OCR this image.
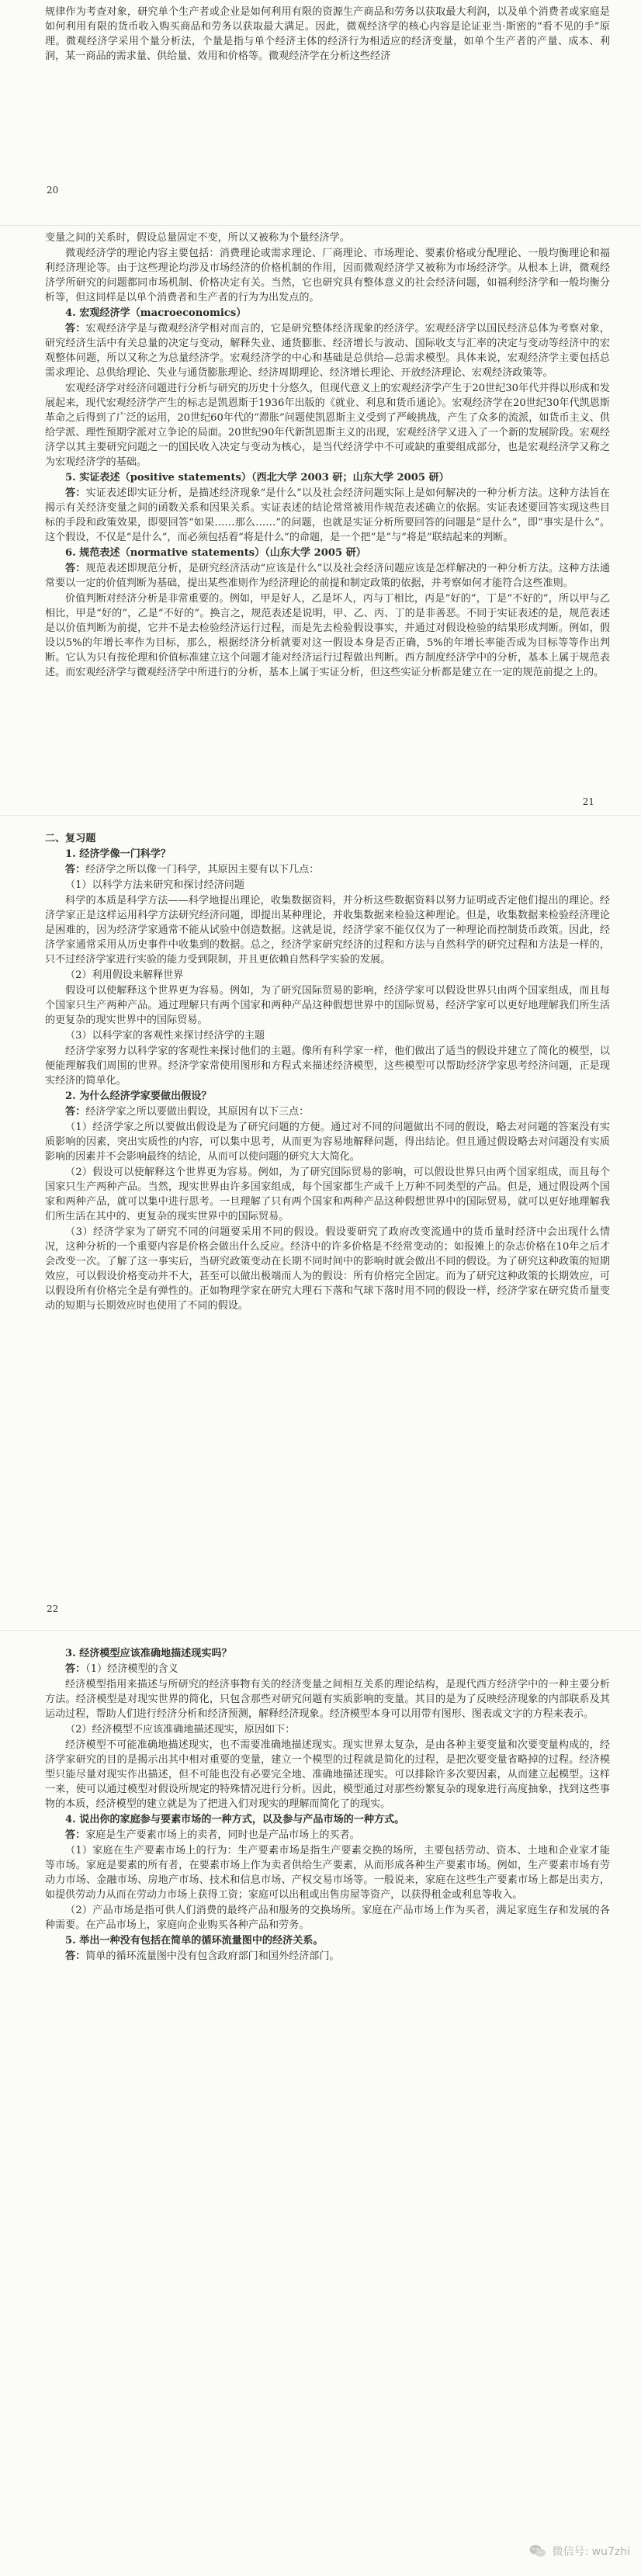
规律作为考查对象，研究单个生产者或企业是如何利用有限的资源生产商品和劳务以获取最大利润，以及单个消费者或家庭是如何利用有限的货币收入购买商品和劳务以获取最大满足。因此，微观经济学的核心内容是论证亚当·斯密的“看不见的手”原理。微观经济学采用个量分析法，个量是指与单个经济主体的经济行为相适应的经济变量，如单个生产者的产量、成本、利润，某一商品的需求量、供给量、效用和价格等。微观经济学在分析这些经济

20

变量之间的关系时，假设总量固定不变，所以又被称为个量经济学。

微观经济学的理论内容主要包括：消费理论或需求理论、厂商理论、市场理论、要素价格或分配理论、一般均衡理论和福利经济理论等。由于这些理论均涉及市场经济的价格机制的作用，因而微观经济学又被称为市场经济学。从根本上讲，微观经济学所研究的问题都同市场机制、价格决定有关。当然，它也研究具有整体意义的社会经济问题，如福利经济学和一般均衡分析等，但这同样是以单个消费者和生产者的行为为出发点的。

4. 宏观经济学（macroeconomics）

答：宏观经济学是与微观经济学相对而言的，它是研究整体经济现象的经济学。宏观经济学以国民经济总体为考察对象，研究经济生活中有关总量的决定与变动，解释失业、通货膨胀、经济增长与波动、国际收支与汇率的决定与变动等经济中的宏观整体问题，所以又称之为总量经济学。宏观经济学的中心和基础是总供给—总需求模型。具体来说，宏观经济学主要包括总需求理论、总供给理论、失业与通货膨胀理论、经济周期理论、经济增长理论、开放经济理论、宏观经济政策等。

宏观经济学对经济问题进行分析与研究的历史十分悠久，但现代意义上的宏观经济学产生于20世纪30年代并得以形成和发展起来，现代宏观经济学产生的标志是凯恩斯于1936年出版的《就业、利息和货币通论》。宏观经济学在20世纪30年代凯恩斯革命之后得到了广泛的运用，20世纪60年代的“滞胀”问题使凯恩斯主义受到了严峻挑战，产生了众多的流派，如货币主义、供给学派、理性预期学派对立争论的局面。20世纪90年代新凯恩斯主义的出现，宏观经济学又进入了一个新的发展阶段。宏观经济学以其主要研究问题之一的国民收入决定与变动为核心，是当代经济学中不可或缺的重要组成部分，也是宏观经济学又称之为宏观经济学的基础。

5. 实证表述（positive statements）（西北大学 2003 研；山东大学 2005 研）

答：实证表述即实证分析，是描述经济现象“是什么”以及社会经济问题实际上是如何解决的一种分析方法。这种方法旨在揭示有关经济变量之间的函数关系和因果关系。实证表述的结论常常被用作规范表述确立的依据。实证表述要回答实现这些目标的手段和政策效果，即要回答“如果……那么……”的问题，也就是实证分析所要回答的问题是“是什么”，即“事实是什么”。这个假设，不仅是“是什么”，而必须包括着“将是什么”的命题，是一个把“是”与“将是”联结起来的判断。

6. 规范表述（normative statements）（山东大学 2005 研）

答：规范表述即规范分析，是研究经济活动“应该是什么”以及社会经济问题应该是怎样解决的一种分析方法。这种方法通常要以一定的价值判断为基础，提出某些准则作为经济理论的前提和制定政策的依据，并考察如何才能符合这些准则。

价值判断对经济分析是非常重要的。例如，甲是好人，乙是坏人，丙与丁相比，丙是“好的”，丁是“不好的”，所以甲与乙相比，甲是“好的”，乙是“不好的”。换言之，规范表述是说明，甲、乙、丙、丁的是非善恶。不同于实证表述的是，规范表述是以价值判断为前提，它并不是去检验经济运行过程，而是先去检验假设事实，并通过对假设检验的结果形成判断。例如，假设以5%的年增长率作为目标，那么，根据经济分析就要对这一假设本身是否正确，5%的年增长率能否成为目标等等作出判断。它认为只有按伦理和价值标准建立这个问题才能对经济运行过程做出判断。西方制度经济学中的分析，基本上属于规范表述。而宏观经济学与微观经济学中所进行的分析，基本上属于实证分析，但这些实证分析都是建立在一定的规范前提之上的。

21

二、复习题

1. 经济学像一门科学？

答：经济学之所以像一门科学，其原因主要有以下几点：

（1）以科学方法来研究和探讨经济问题

科学的本质是科学方法——科学地提出理论，收集数据资料，并分析这些数据资料以努力证明或否定他们提出的理论。经济学家正是这样运用科学方法研究经济问题，即提出某种理论，并收集数据来检验这种理论。但是，收集数据来检验经济理论是困难的，因为经济学家通常不能从试验中创造数据。这就是说，经济学家不能仅仅为了一种理论而控制货币政策。因此，经济学家通常采用从历史事件中收集到的数据。总之，经济学家研究经济的过程和方法与自然科学的研究过程和方法是一样的，只不过经济学家进行实验的能力受到限制，并且更依赖自然科学实验的发展。

（2）利用假设来解释世界

假设可以使解释这个世界更为容易。例如，为了研究国际贸易的影响，经济学家可以假设世界只由两个国家组成，而且每个国家只生产两种产品。通过理解只有两个国家和两种产品这种假想世界中的国际贸易，经济学家可以更好地理解我们所生活的更复杂的现实世界中的国际贸易。

（3）以科学家的客观性来探讨经济学的主题

经济学家努力以科学家的客观性来探讨他们的主题。像所有科学家一样，他们做出了适当的假设并建立了简化的模型，以便能理解我们周围的世界。经济学家常使用图形和方程式来描述经济模型，这些模型可以帮助经济学家思考经济问题，正是现实经济的简单化。

2. 为什么经济学家要做出假设？

答：经济学家之所以要做出假设，其原因有以下三点：

（1）经济学家之所以要做出假设是为了研究问题的方便。通过对不同的问题做出不同的假设，略去对问题的答案没有实质影响的因素，突出实质性的内容，可以集中思考，从而更为容易地解释问题，得出结论。但且通过假设略去对问题没有实质影响的因素并不会影响最终的结论，从而可以使问题的研究大大简化。

（2）假设可以使解释这个世界更为容易。例如，为了研究国际贸易的影响，可以假设世界只由两个国家组成，而且每个国家只生产两种产品。当然，现实世界由许多国家组成，每个国家都生产成千上万种不同类型的产品。但是，通过假设两个国家和两种产品，就可以集中进行思考。一旦理解了只有两个国家和两种产品这种假想世界中的国际贸易，就可以更好地理解我们所生活在其中的、更复杂的现实世界中的国际贸易。

（3）经济学家为了研究不同的问题要采用不同的假设。假设要研究了政府改变流通中的货币量时经济中会出现什么情况，这种分析的一个重要内容是价格会做出什么反应。经济中的许多价格是不经常变动的；如报摊上的杂志价格在10年之后才会改变一次。了解了这一事实后，当研究政策变动在长期不同时间中的影响时就会做出不同的假设。为了研究这种政策的短期效应，可以假设价格变动并不大，甚至可以做出极端而人为的假设：所有价格完全固定。而为了研究这种政策的长期效应，可以假设所有价格完全是有弹性的。正如物理学家在研究大理石下落和气球下落时用不同的假设一样，经济学家在研究货币量变动的短期与长期效应时也使用了不同的假设。

22

3. 经济模型应该准确地描述现实吗？

答：（1）经济模型的含义

经济模型指用来描述与所研究的经济事物有关的经济变量之间相互关系的理论结构，是现代西方经济学中的一种主要分析方法。经济模型是对现实世界的简化，只包含那些对研究问题有实质影响的变量。其目的是为了反映经济现象的内部联系及其运动过程，帮助人们进行经济分析和经济预测，解释经济现象。经济模型本身可以用带有图形、图表或文字的方程来表示。

（2）经济模型不应该准确地描述现实，原因如下：

经济模型不可能准确地描述现实，也不需要准确地描述现实。现实世界太复杂，是由各种主要变量和次要变量构成的，经济学家研究的目的是揭示出其中相对重要的变量，建立一个模型的过程就是简化的过程，是把次要变量省略掉的过程。经济模型只能尽量对现实作出描述，但不可能也没有必要完全地、准确地描述现实。可以排除许多次要因素，从而建立起模型。这样一来，使可以通过模型对假设所规定的特殊情况进行分析。因此，模型通过对那些纷繁复杂的现象进行高度抽象，找到这些事物的本质，经济模型的建立就是为了把进入们对现实的理解而简化了的现实。

4. 说出你的家庭参与要素市场的一种方式，以及参与产品市场的一种方式。

答：家庭是生产要素市场上的卖者，同时也是产品市场上的买者。

（1）家庭在生产要素市场上的行为：生产要素市场是指生产要素交换的场所，主要包括劳动、资本、土地和企业家才能等市场。家庭是要素的所有者，在要素市场上作为卖者供给生产要素，从而形成各种生产要素市场。例如，生产要素市场有劳动力市场、金融市场、房地产市场、技术和信息市场、产权交易市场等。一般说来，家庭在这些生产要素市场上都是出卖方，如提供劳动力从而在劳动力市场上获得工资；家庭可以出租或出售房屋等资产，以获得租金或利息等收入。

（2）产品市场是指可供人们消费的最终产品和服务的交换场所。家庭在产品市场上作为买者，满足家庭生存和发展的各种需要。在产品市场上，家庭向企业购买各种产品和劳务。

5. 举出一种没有包括在简单的循环流量图中的经济关系。

答：简单的循环流量图中没有包含政府部门和国外经济部门。

微信号: wu7zhi
